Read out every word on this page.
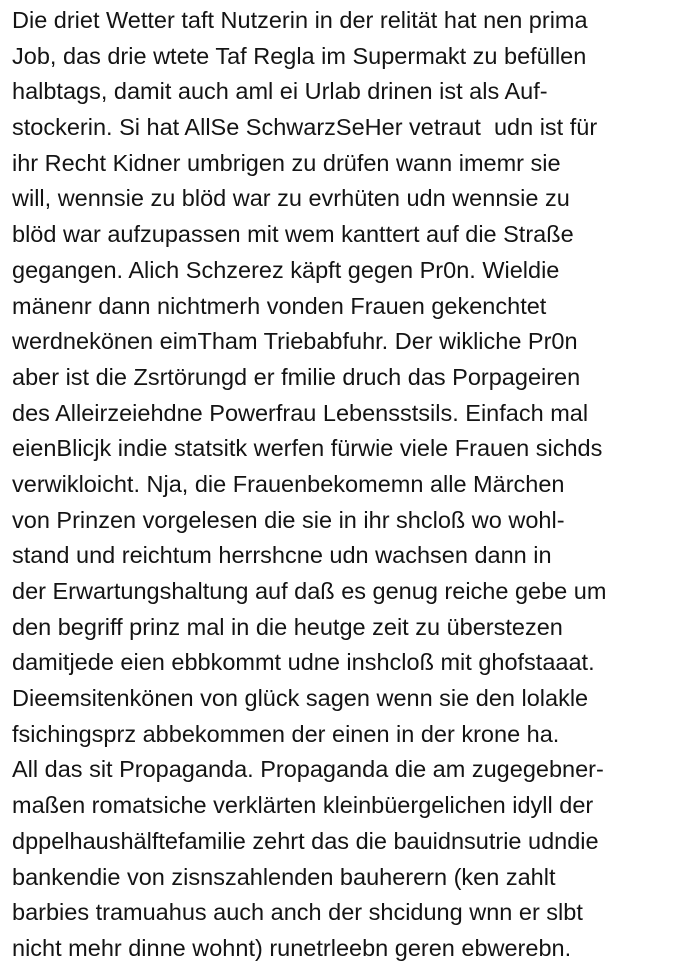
Die driet Wetter taft Nutzerin in der relität hat nen prima
Job, das drie wtete Taf Regla im Supermakt zu befüllen
halbtags, damit auch aml ei Urlab drinen ist als Auf-
stockerin. Si hat AllSe SchwarzSeHer vetraut  udn ist für
ihr Recht Kidner umbrigen zu drüfen wann imemr sie
will, wennsie zu blöd war zu evrhüten udn wennsie zu
blöd war aufzupassen mit wem kanttert auf die Straße
gegangen. Alich Schzerez käpft gegen Pr0n. Wieldie
mänenr dann nichtmerh vonden Frauen gekenchtet
werdnekönen eimTham Triebabfuhr. Der wikliche Pr0n
aber ist die Zsrtörungd er fmilie druch das Porpageiren
des Alleirzeiehdne Powerfrau Lebensstsils. Einfach mal
eienBlicjk indie statsitk werfen fürwie viele Frauen sichds
verwikloicht. Nja, die Frauenbekomemn alle Märchen
von Prinzen vorgelesen die sie in ihr shcloß wo wohl-
stand und reichtum herrshcne udn wachsen dann in
der Erwartungshaltung auf daß es genug reiche gebe um
den begriff prinz mal in die heutge zeit zu überstezen
damitjede eien ebbkommt udne inshcloß mit ghofstaaat.
Dieemsitenkönen von glück sagen wenn sie den lolakle
fsichingsprz abbekommen der einen in der krone ha.
All das sit Propaganda. Propaganda die am zugegebner-
maßen romatsiche verklärten kleinbüergelichen idyll der
dppelhaushälftefamilie zehrt das die bauidnsutrie udndie
bankendie von zisnszahlenden bauherern (ken zahlt
barbies tramuahus auch anch der shcidung wnn er slbt
nicht mehr dinne wohnt) runetrleebn geren ebwerebn.
